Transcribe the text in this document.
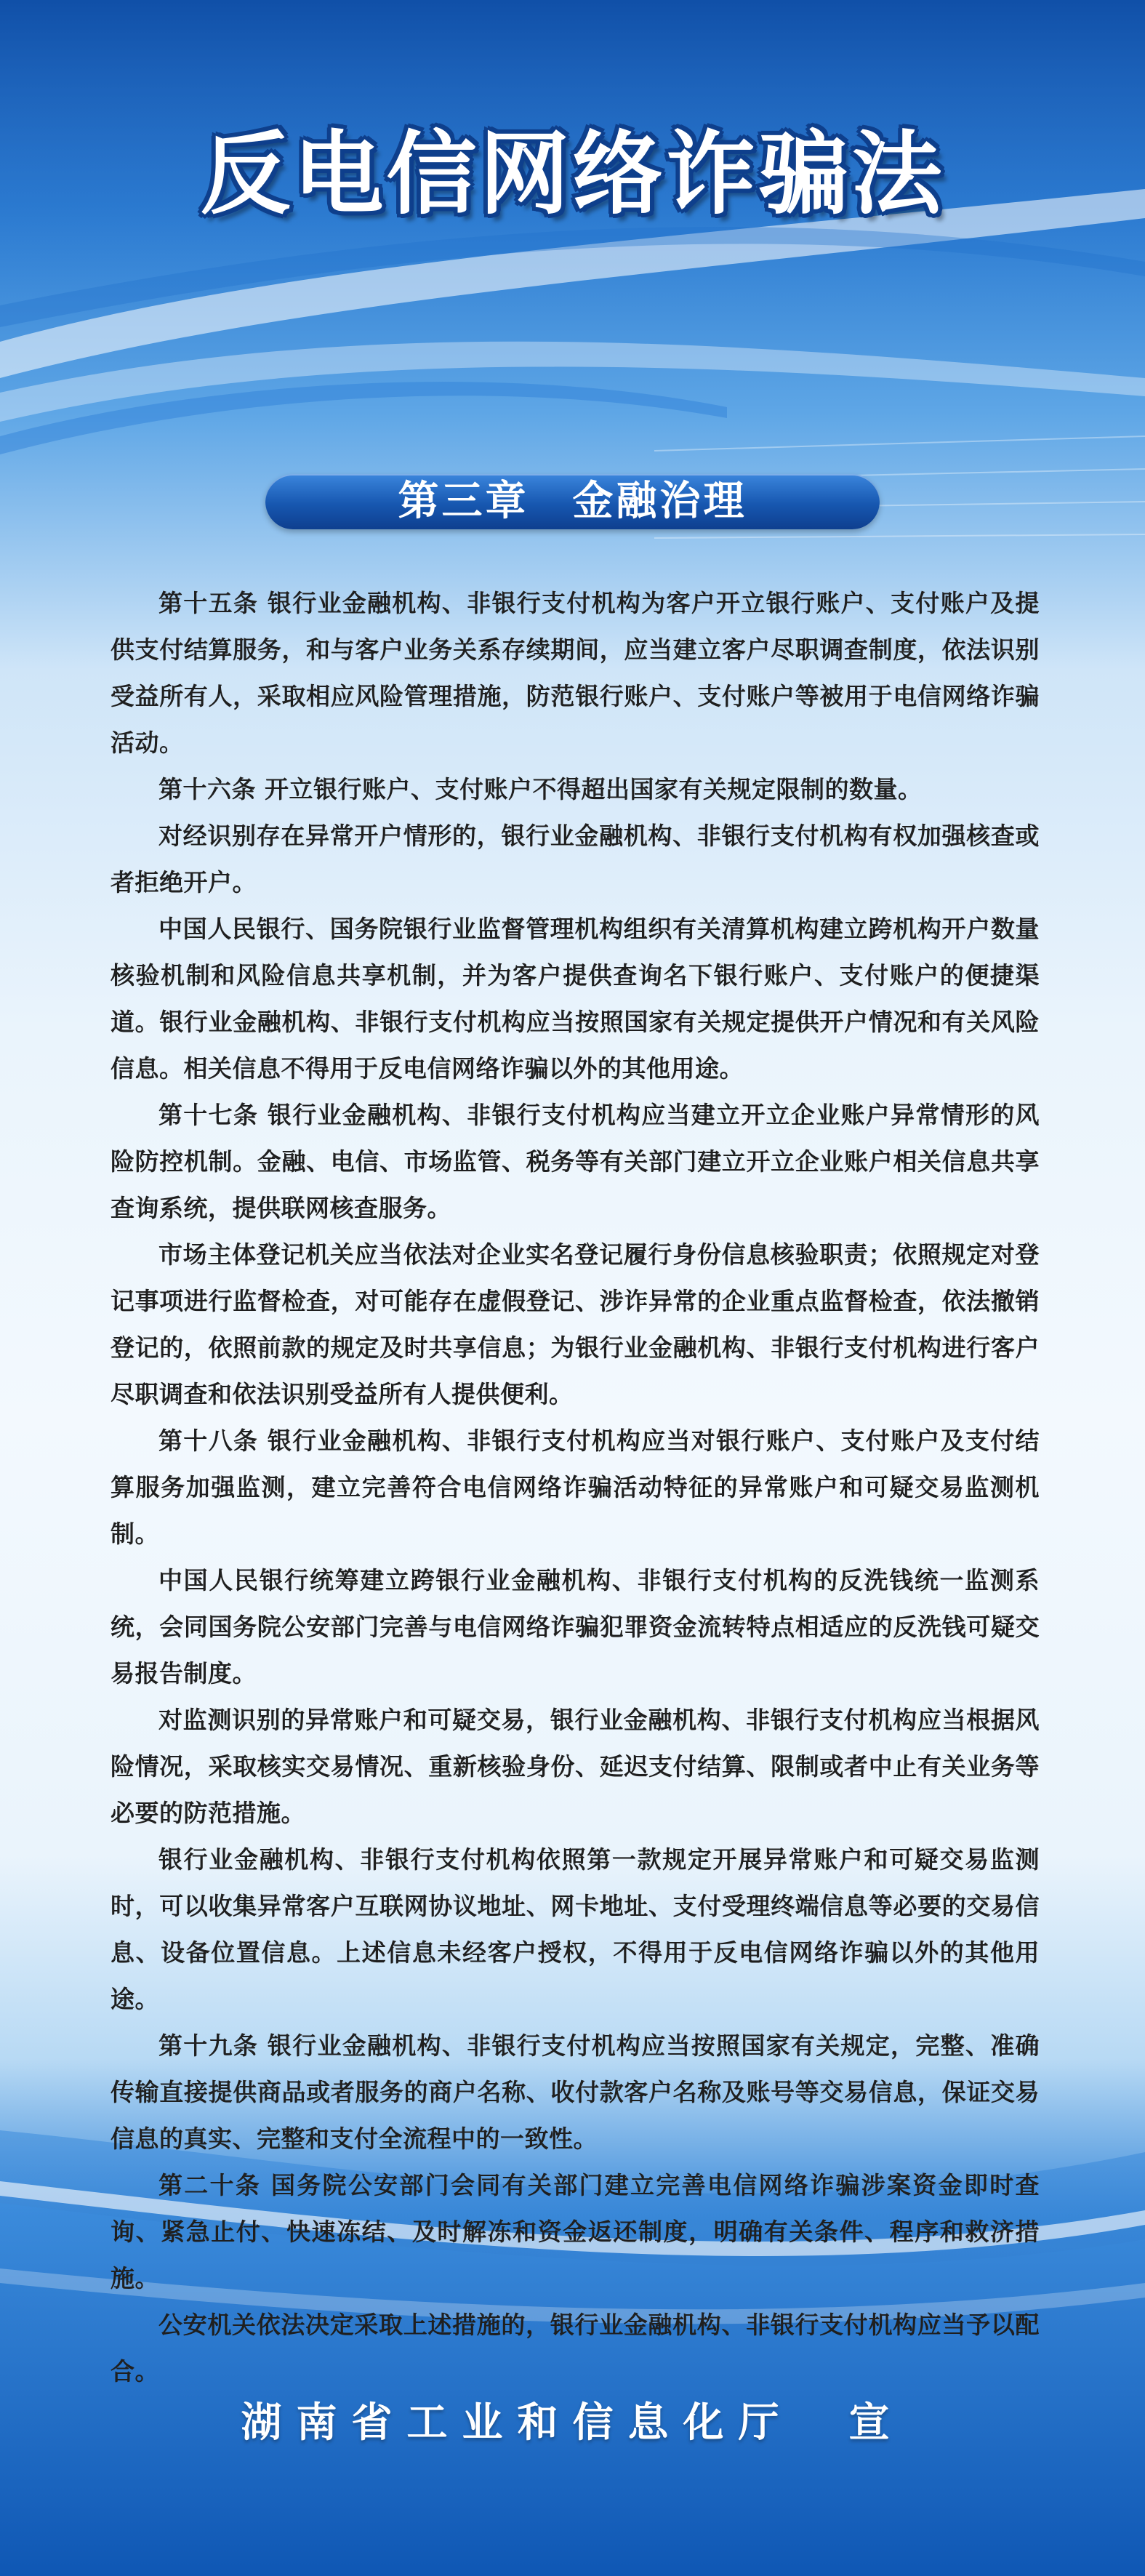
反电信网络诈骗法
第三章　金融治理

第十五条 银行业金融机构、非银行支付机构为客户开立银行账户、支付账户及提供支付结算服务，和与客户业务关系存续期间，应当建立客户尽职调查制度，依法识别受益所有人，采取相应风险管理措施，防范银行账户、支付账户等被用于电信网络诈骗活动。

第十六条 开立银行账户、支付账户不得超出国家有关规定限制的数量。

对经识别存在异常开户情形的，银行业金融机构、非银行支付机构有权加强核查或者拒绝开户。

中国人民银行、国务院银行业监督管理机构组织有关清算机构建立跨机构开户数量核验机制和风险信息共享机制，并为客户提供查询名下银行账户、支付账户的便捷渠道。银行业金融机构、非银行支付机构应当按照国家有关规定提供开户情况和有关风险信息。相关信息不得用于反电信网络诈骗以外的其他用途。

第十七条 银行业金融机构、非银行支付机构应当建立开立企业账户异常情形的风险防控机制。金融、电信、市场监管、税务等有关部门建立开立企业账户相关信息共享查询系统，提供联网核查服务。

市场主体登记机关应当依法对企业实名登记履行身份信息核验职责；依照规定对登记事项进行监督检查，对可能存在虚假登记、涉诈异常的企业重点监督检查，依法撤销登记的，依照前款的规定及时共享信息；为银行业金融机构、非银行支付机构进行客户尽职调查和依法识别受益所有人提供便利。

第十八条 银行业金融机构、非银行支付机构应当对银行账户、支付账户及支付结算服务加强监测，建立完善符合电信网络诈骗活动特征的异常账户和可疑交易监测机制。

中国人民银行统筹建立跨银行业金融机构、非银行支付机构的反洗钱统一监测系统，会同国务院公安部门完善与电信网络诈骗犯罪资金流转特点相适应的反洗钱可疑交易报告制度。

对监测识别的异常账户和可疑交易，银行业金融机构、非银行支付机构应当根据风险情况，采取核实交易情况、重新核验身份、延迟支付结算、限制或者中止有关业务等必要的防范措施。

银行业金融机构、非银行支付机构依照第一款规定开展异常账户和可疑交易监测时，可以收集异常客户互联网协议地址、网卡地址、支付受理终端信息等必要的交易信息、设备位置信息。上述信息未经客户授权，不得用于反电信网络诈骗以外的其他用途。

第十九条 银行业金融机构、非银行支付机构应当按照国家有关规定，完整、准确传输直接提供商品或者服务的商户名称、收付款客户名称及账号等交易信息，保证交易信息的真实、完整和支付全流程中的一致性。

第二十条 国务院公安部门会同有关部门建立完善电信网络诈骗涉案资金即时查询、紧急止付、快速冻结、及时解冻和资金返还制度，明确有关条件、程序和救济措施。

公安机关依法决定采取上述措施的，银行业金融机构、非银行支付机构应当予以配合。

湖南省工业和信息化厅　宣
